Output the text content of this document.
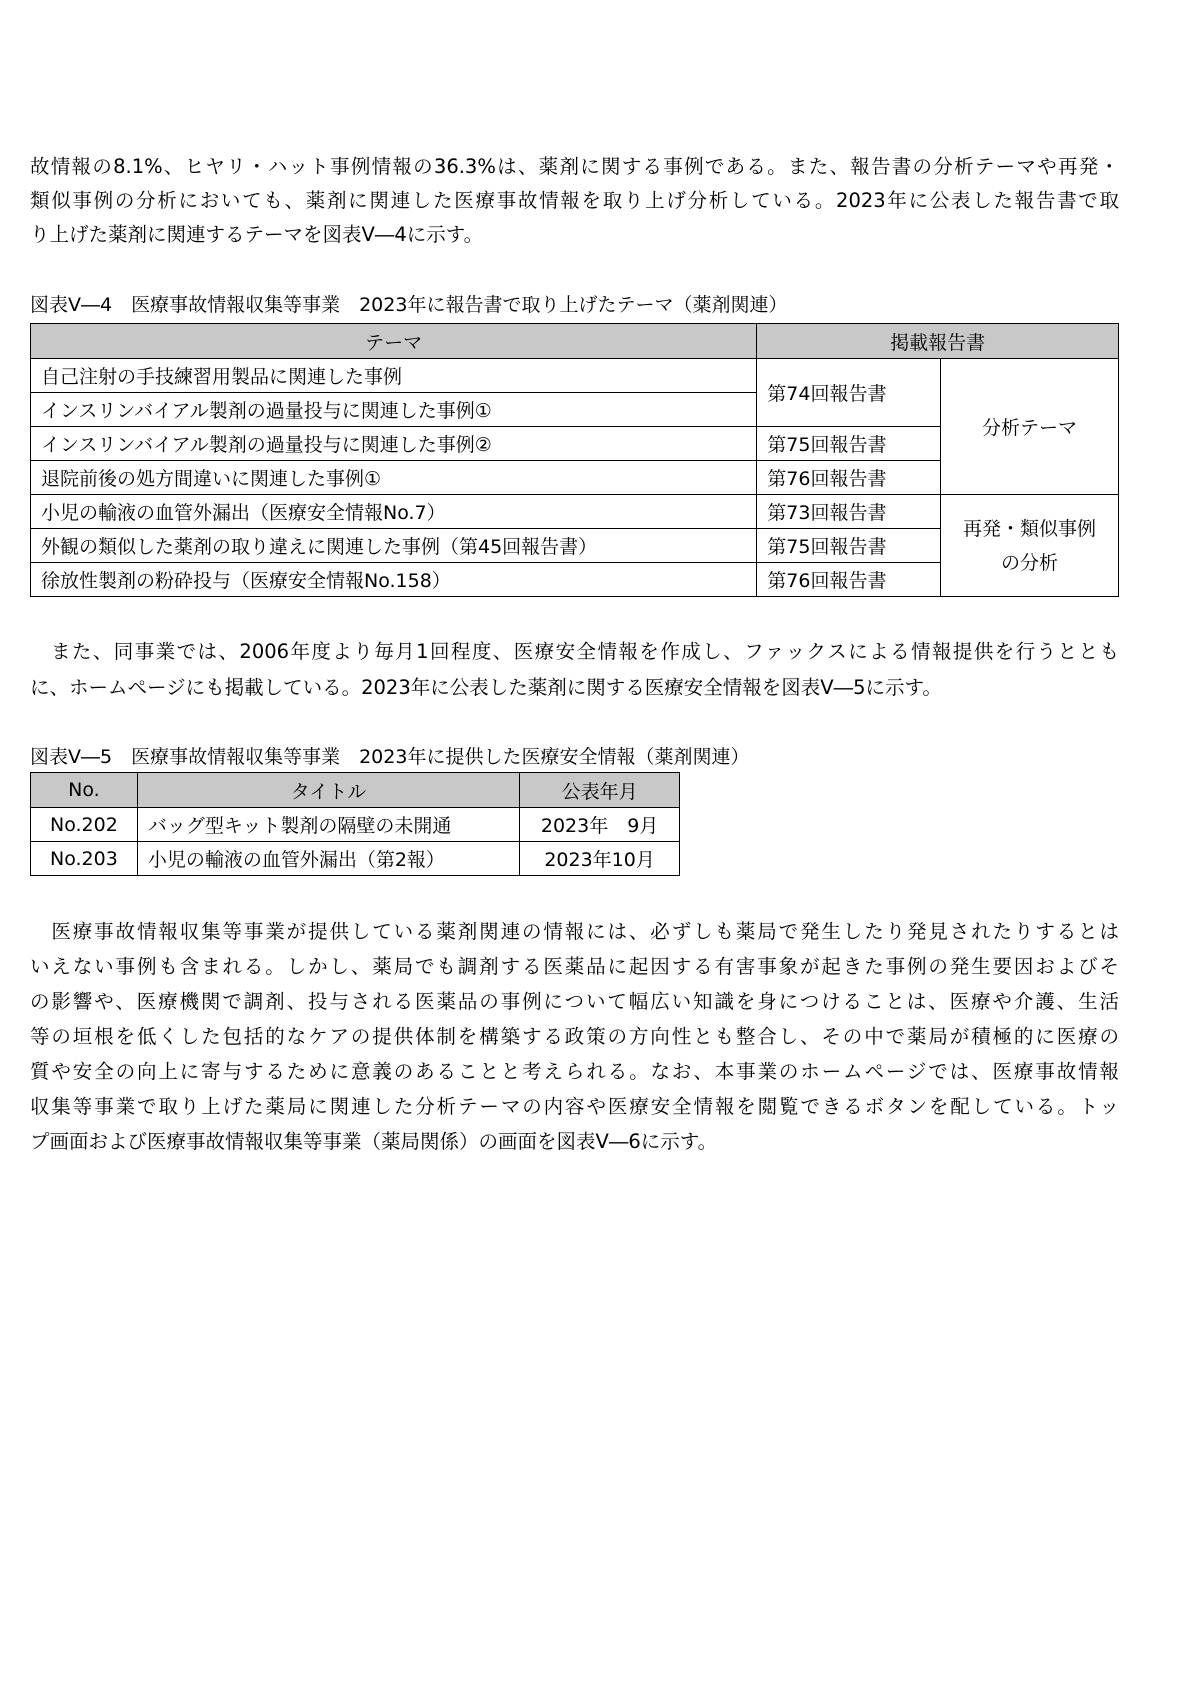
故情報の8.1%、ヒヤリ・ハット事例情報の36.3%は、薬剤に関する事例である。また、報告書の分析テーマや再発・
類似事例の分析においても、薬剤に関連した医療事故情報を取り上げ分析している。2023年に公表した報告書で取
り上げた薬剤に関連するテーマを図表Ⅴ―4に示す。
図表Ⅴ―4　医療事故情報収集等事業　2023年に報告書で取り上げたテーマ（薬剤関連）
テーマ	掲載報告書	
自己注射の手技練習用製品に関連した事例	第74回報告書	分析テーマ
インスリンバイアル製剤の過量投与に関連した事例①		
インスリンバイアル製剤の過量投与に関連した事例②	第75回報告書	
退院前後の処方間違いに関連した事例①	第76回報告書	
小児の輸液の血管外漏出（医療安全情報No.7）	第73回報告書	再発・類似事例
の分析

外観の類似した薬剤の取り違えに関連した事例（第45回報告書）	第75回報告書	
徐放性製剤の粉砕投与（医療安全情報No.158）	第76回報告書	
　また、同事業では、2006年度より毎月1回程度、医療安全情報を作成し、ファックスによる情報提供を行うととも
に、ホームページにも掲載している。2023年に公表した薬剤に関する医療安全情報を図表Ⅴ―5に示す。
図表Ⅴ―5　医療事故情報収集等事業　2023年に提供した医療安全情報（薬剤関連）
No.	タイトル	公表年月
No.202	バッグ型キット製剤の隔壁の未開通	2023年　9月
No.203	小児の輸液の血管外漏出（第2報）	2023年10月
　医療事故情報収集等事業が提供している薬剤関連の情報には、必ずしも薬局で発生したり発見されたりするとは
いえない事例も含まれる。しかし、薬局でも調剤する医薬品に起因する有害事象が起きた事例の発生要因およびそ
の影響や、医療機関で調剤、投与される医薬品の事例について幅広い知識を身につけることは、医療や介護、生活
等の垣根を低くした包括的なケアの提供体制を構築する政策の方向性とも整合し、その中で薬局が積極的に医療の
質や安全の向上に寄与するために意義のあることと考えられる。なお、本事業のホームページでは、医療事故情報
収集等事業で取り上げた薬局に関連した分析テーマの内容や医療安全情報を閲覧できるボタンを配している。トッ
プ画面および医療事故情報収集等事業（薬局関係）の画面を図表Ⅴ―6に示す。
